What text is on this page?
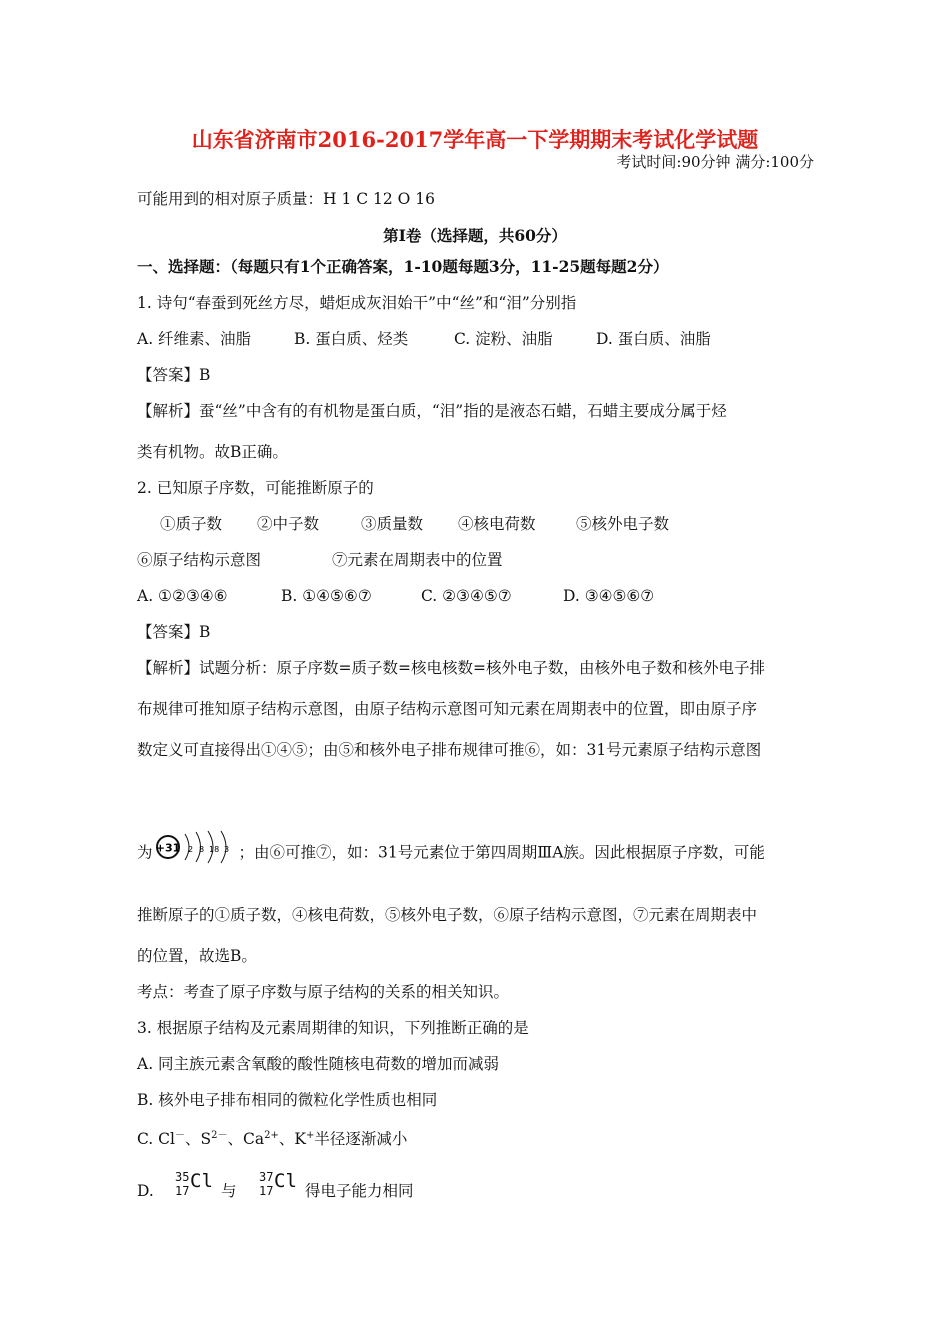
山东省济南市2016-2017学年高一下学期期末考试化学试题
考试时间:90分钟 满分:100分
可能用到的相对原子质量：H 1 C 12 O 16
第Ⅰ卷（选择题，共60分）
一、选择题：（每题只有1个正确答案，1-10题每题3分，11-25题每题2分）
1. 诗句“春蚕到死丝方尽，蜡炬成灰泪始干”中“丝”和“泪”分别指
A. 纤维素、油脂	B. 蛋白质、烃类	C. 淀粉、油脂	D. 蛋白质、油脂
【答案】B
【解析】蚕“丝”中含有的有机物是蛋白质，“泪”指的是液态石蜡，石蜡主要成分属于烃
类有机物。故B正确。
2. 已知原子序数，可能推断原子的
①质子数 ②中子数	③质量数 ④核电荷数	⑤核外电子数
⑥原子结构示意图	⑦元素在周期表中的位置
A. ①②③④⑥	B. ①④⑤⑥⑦	C. ②③④⑤⑦	D. ③④⑤⑥⑦
【答案】B
【解析】试题分析：原子序数=质子数=核电核数=核外电子数，由核外电子数和核外电子排
布规律可推知原子结构示意图，由原子结构示意图可知元素在周期表中的位置，即由原子序
数定义可直接得出①④⑤；由⑤和核外电子排布规律可推⑥，如：31号元素原子结构示意图
为 +31 2 8 18 3 ；由⑥可推⑦，如：31号元素位于第四周期ⅢA族。因此根据原子序数，可能
推断原子的①质子数，④核电荷数，⑤核外电子数，⑥原子结构示意图，⑦元素在周期表中
的位置，故选B。
考点：考查了原子序数与原子结构的关系的相关知识。
3. 根据原子结构及元素周期律的知识，下列推断正确的是
A. 同主族元素含氧酸的酸性随核电荷数的增加而减弱
B. 核外电子排布相同的微粒化学性质也相同
C. Cl－、$S^{2-}$、$Ca^{2+}$、K+半径逐渐减小
D.
35
17 Cl 与
37
17 Cl 得电子能力相同
